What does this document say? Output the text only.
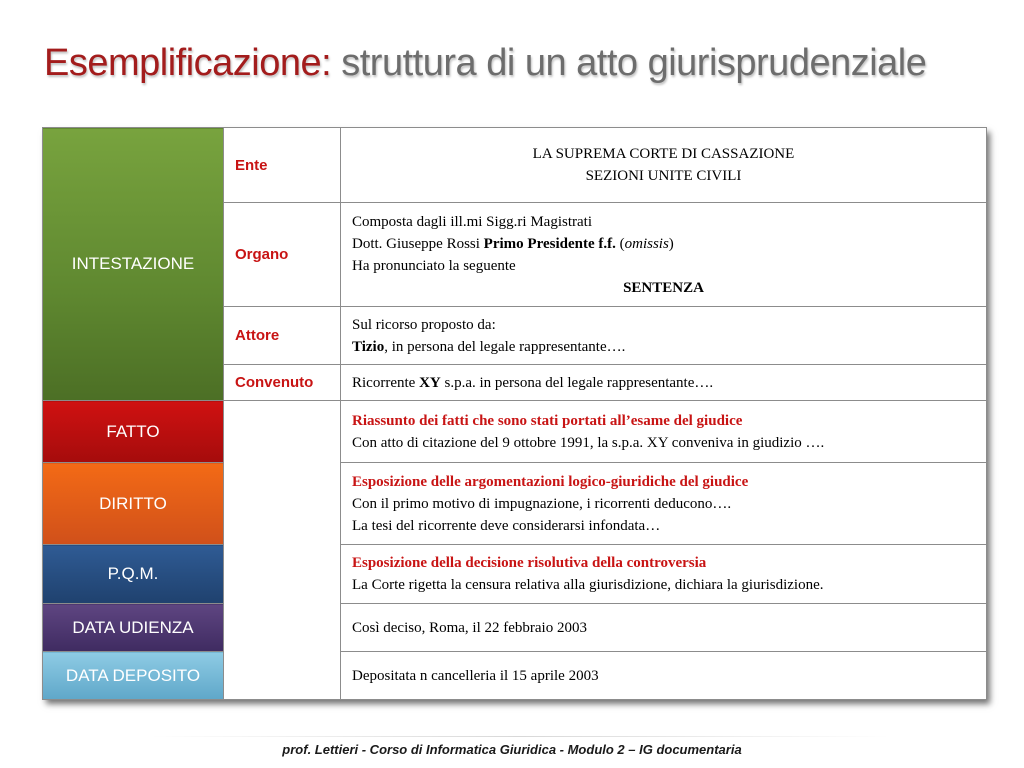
Esemplificazione: struttura di un atto giurisprudenziale
INTESTAZIONE	Ente	LA SUPREMA CORTE DI CASSAZIONE
SEZIONI UNITE CIVILI

	Organo	Composta dagli ill.mi Sigg.ri Magistrati
Dott. Giuseppe Rossi Primo Presidente f.f. (omissis)
Ha pronunciato la seguente
SENTENZA

	Attore	Sul ricorso proposto da:
Tizio, in persona del legale rappresentante….

	Convenuto	Ricorrente XY s.p.a. in persona del legale rappresentante….
FATTO		Riassunto dei fatti che sono stati portati all’esame del giudice
Con atto di citazione del 9 ottobre 1991, la s.p.a. XY conveniva in giudizio ….

DIRITTO		Esposizione delle argomentazioni logico-giuridiche del giudice
Con il primo motivo di impugnazione, i ricorrenti deducono….
La tesi del ricorrente deve considerarsi infondata…

P.Q.M.		Esposizione della decisione risolutiva della controversia
La Corte rigetta la censura relativa alla giurisdizione, dichiara la giurisdizione.

DATA UDIENZA		Così deciso, Roma, il 22 febbraio 2003
DATA DEPOSITO		Depositata n cancelleria il 15 aprile 2003
prof. Lettieri - Corso di Informatica Giuridica - Modulo 2 – IG documentaria
